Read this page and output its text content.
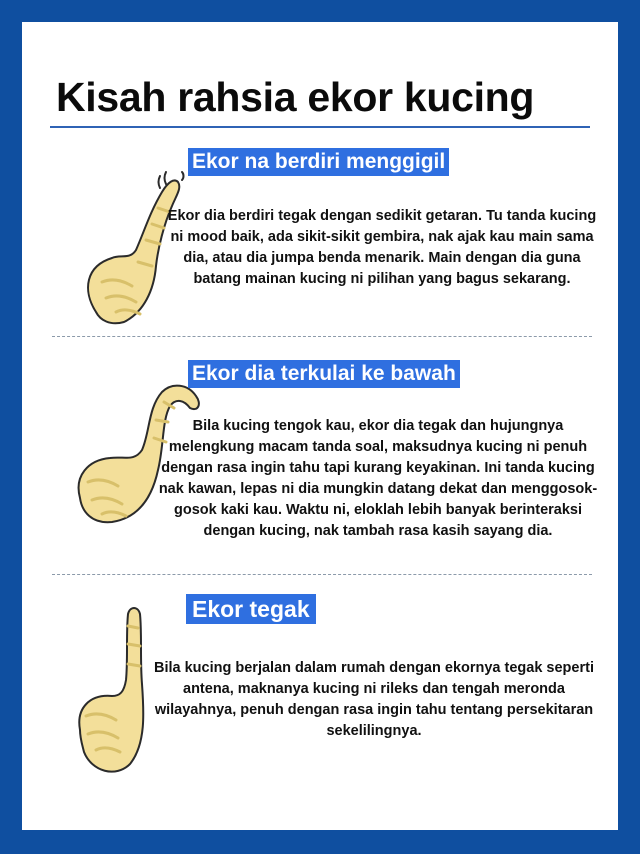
Kisah rahsia ekor kucing
Ekor na berdiri menggigil

Ekor dia berdiri tegak dengan sedikit getaran. Tu tanda kucing ni mood baik, ada sikit-sikit gembira, nak ajak kau main sama dia, atau dia jumpa benda menarik. Main dengan dia guna batang mainan kucing ni pilihan yang bagus sekarang.

Ekor dia terkulai ke bawah

Bila kucing tengok kau, ekor dia tegak dan hujungnya melengkung macam tanda soal, maksudnya kucing ni penuh dengan rasa ingin tahu tapi kurang keyakinan. Ini tanda kucing nak kawan, lepas ni dia mungkin datang dekat dan menggosok-gosok kaki kau. Waktu ni, eloklah lebih banyak berinteraksi dengan kucing, nak tambah rasa kasih sayang dia.

Ekor tegak

Bila kucing berjalan dalam rumah dengan ekornya tegak seperti antena, maknanya kucing ni rileks dan tengah meronda wilayahnya, penuh dengan rasa ingin tahu tentang persekitaran sekelilingnya.
